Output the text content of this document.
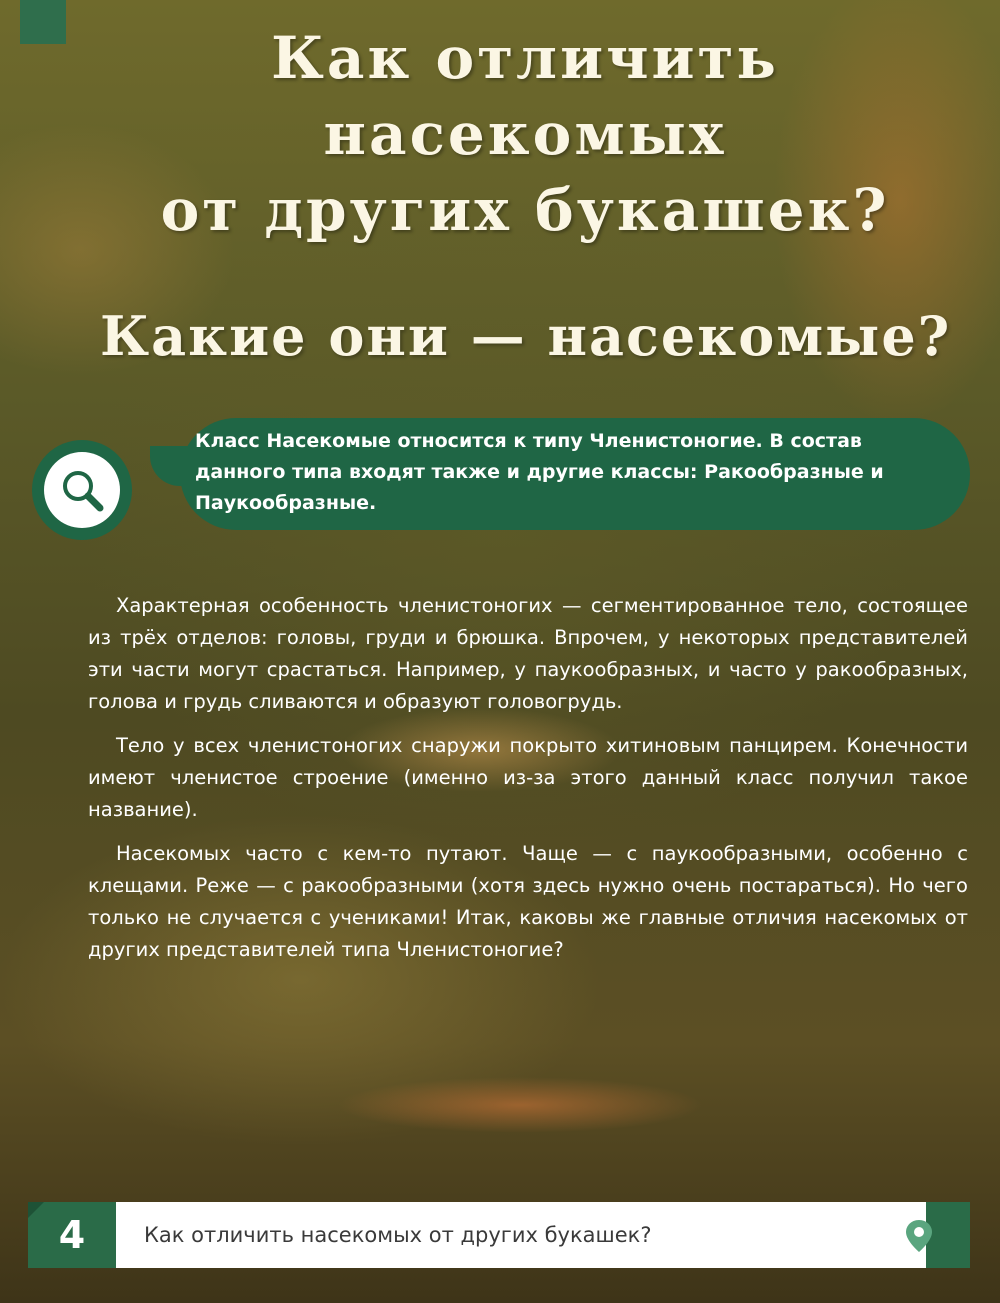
Как отличить насекомых
от других букашек?
Какие они — насекомые?
Класс Насекомые относится к типу Членистоногие. В состав данного типа входят также и другие классы: Ракообразные и Паукообразные.

Характерная особенность членистоногих — сегментированное тело, состоящее из трёх отделов: головы, груди и брюшка. Впрочем, у некоторых представителей эти части могут срастаться. Например, у паукообразных, и часто у ракообразных, голова и грудь сливаются и образуют головогрудь.

Тело у всех членистоногих снаружи покрыто хитиновым панцирем. Конечности имеют членистое строение (именно из-за этого данный класс получил такое название).

Насекомых часто с кем-то путают. Чаще — с паукообразными, особенно с клещами. Реже — с ракообразными (хотя здесь нужно очень постараться). Но чего только не случается с учениками! Итак, каковы же главные отличия насекомых от других представителей типа Членистоногие?

4	Как отличить насекомых от других букашек?
